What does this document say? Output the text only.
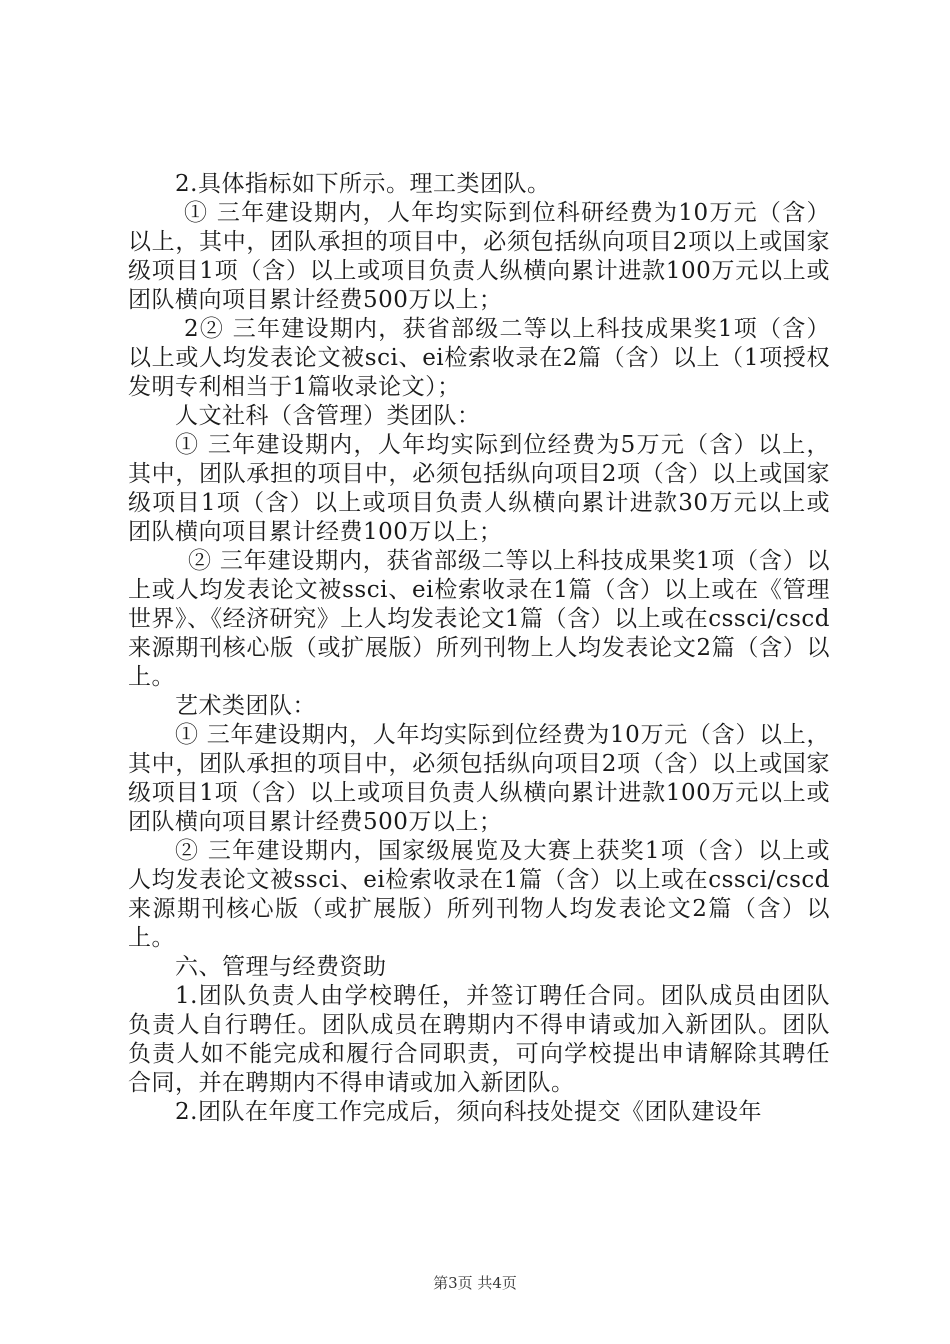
2.具体指标如下所示。理工类团队。

① 三年建设期内，人年均实际到位科研经费为10万元（含）以上，其中，团队承担的项目中，必须包括纵向项目2项以上或国家级项目1项（含）以上或项目负责人纵横向累计进款100万元以上或团队横向项目累计经费500万以上；

2② 三年建设期内，获省部级二等以上科技成果奖1项（含）以上或人均发表论文被sci、ei检索收录在2篇（含）以上（1项授权发明专利相当于1篇收录论文）；

人文社科（含管理）类团队：

① 三年建设期内，人年均实际到位经费为5万元（含）以上，其中，团队承担的项目中，必须包括纵向项目2项（含）以上或国家级项目1项（含）以上或项目负责人纵横向累计进款30万元以上或团队横向项目累计经费100万以上；

② 三年建设期内，获省部级二等以上科技成果奖1项（含）以上或人均发表论文被ssci、ei检索收录在1篇（含）以上或在《管理世界》、《经济研究》上人均发表论文1篇（含）以上或在cssci/cscd来源期刊核心版（或扩展版）所列刊物上人均发表论文2篇（含）以上。

艺术类团队：

① 三年建设期内，人年均实际到位经费为10万元（含）以上，其中，团队承担的项目中，必须包括纵向项目2项（含）以上或国家级项目1项（含）以上或项目负责人纵横向累计进款100万元以上或团队横向项目累计经费500万以上；

② 三年建设期内，国家级展览及大赛上获奖1项（含）以上或人均发表论文被ssci、ei检索收录在1篇（含）以上或在cssci/cscd来源期刊核心版（或扩展版）所列刊物人均发表论文2篇（含）以上。

六、管理与经费资助

1.团队负责人由学校聘任，并签订聘任合同。团队成员由团队负责人自行聘任。团队成员在聘期内不得申请或加入新团队。团队负责人如不能完成和履行合同职责，可向学校提出申请解除其聘任合同，并在聘期内不得申请或加入新团队。

2.团队在年度工作完成后，须向科技处提交《团队建设年

第3页 共4页
